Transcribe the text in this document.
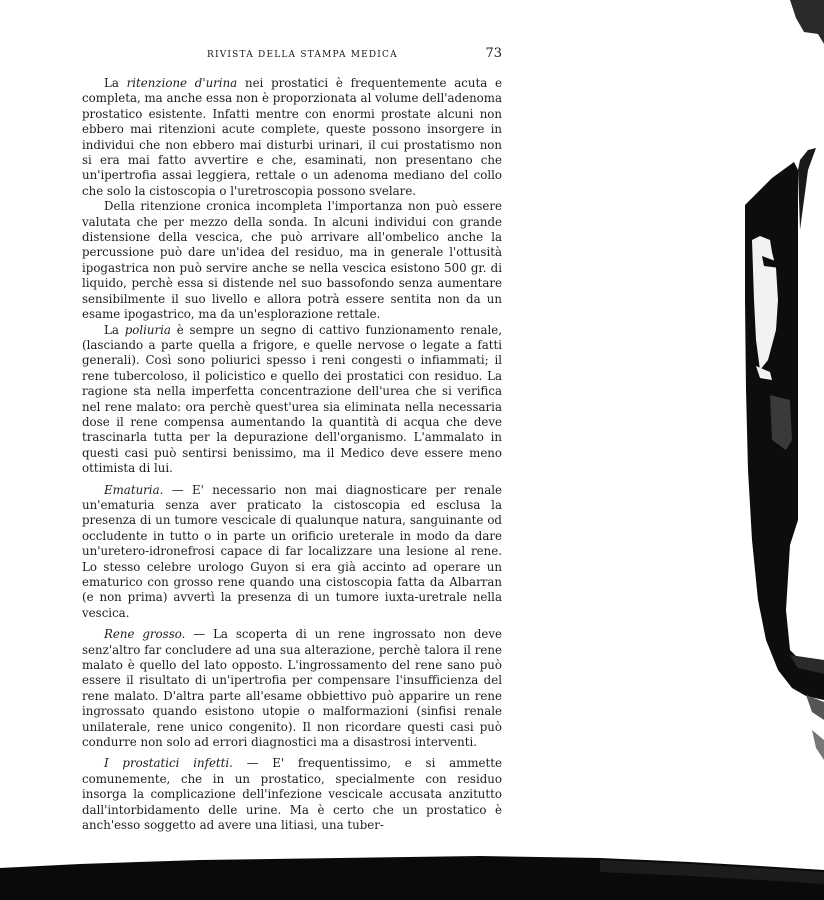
RIVISTA DELLA STAMPA MEDICA	73

La ritenzione d'urina nei prostatici è frequentemente acuta e completa, ma anche essa non è proporzionata al volume dell'adenoma prostatico esistente. Infatti mentre con enormi prostate alcuni non ebbero mai ritenzioni acute complete, queste possono insorgere in individui che non ebbero mai disturbi urinari, il cui prostatismo non si era mai fatto avvertire e che, esaminati, non presentano che un'ipertrofia assai leggiera, rettale o un adenoma mediano del collo che solo la cistoscopia o l'uretroscopia possono svelare.

Della ritenzione cronica incompleta l'importanza non può essere valutata che per mezzo della sonda. In alcuni individui con grande distensione della vescica, che può arrivare all'ombelico anche la percussione può dare un'idea del residuo, ma in generale l'ottusità ipogastrica non può servire anche se nella vescica esistono 500 gr. di liquido, perchè essa si distende nel suo bassofondo senza aumentare sensibilmente il suo livello e allora potrà essere sentita non da un esame ipogastrico, ma da un'esplorazione rettale.

La poliuria è sempre un segno di cattivo funzionamento renale, (lasciando a parte quella a frigore, e quelle nervose o legate a fatti generali). Così sono poliurici spesso i reni congesti o infiammati; il rene tubercoloso, il policistico e quello dei prostatici con residuo. La ragione sta nella imperfetta concentrazione dell'urea che si verifica nel rene malato: ora perchè quest'urea sia eliminata nella necessaria dose il rene compensa aumentando la quantità di acqua che deve trascinarla tutta per la depurazione dell'organismo. L'ammalato in questi casi può sentirsi benissimo, ma il Medico deve essere meno ottimista di lui.

Ematuria. — E' necessario non mai diagnosticare per renale un'ematuria senza aver praticato la cistoscopia ed esclusa la presenza di un tumore vescicale di qualunque natura, sanguinante od occludente in tutto o in parte un orificio ureterale in modo da dare un'uretero-idronefrosi capace di far localizzare una lesione al rene. Lo stesso celebre urologo Guyon si era già accinto ad operare un ematurico con grosso rene quando una cistoscopia fatta da Albarran (e non prima) avvertì la presenza di un tumore iuxta-uretrale nella vescica.

Rene grosso. — La scoperta di un rene ingrossato non deve senz'altro far concludere ad una sua alterazione, perchè talora il rene malato è quello del lato opposto. L'ingrossamento del rene sano può essere il risultato di un'ipertrofia per compensare l'insufficienza del rene malato. D'altra parte all'esame obbiettivo può apparire un rene ingrossato quando esistono utopie o malformazioni (sinfisi renale unilaterale, rene unico congenito). Il non ricordare questi casi può condurre non solo ad errori diagnostici ma a disastrosi interventi.

I prostatici infetti. — E' frequentissimo, e si ammette comunemente, che in un prostatico, specialmente con residuo insorga la complicazione dell'infezione vescicale accusata anzitutto dall'intorbidamento delle urine. Ma è certo che un prostatico è anch'esso soggetto ad avere una litiasi, una tuber-
